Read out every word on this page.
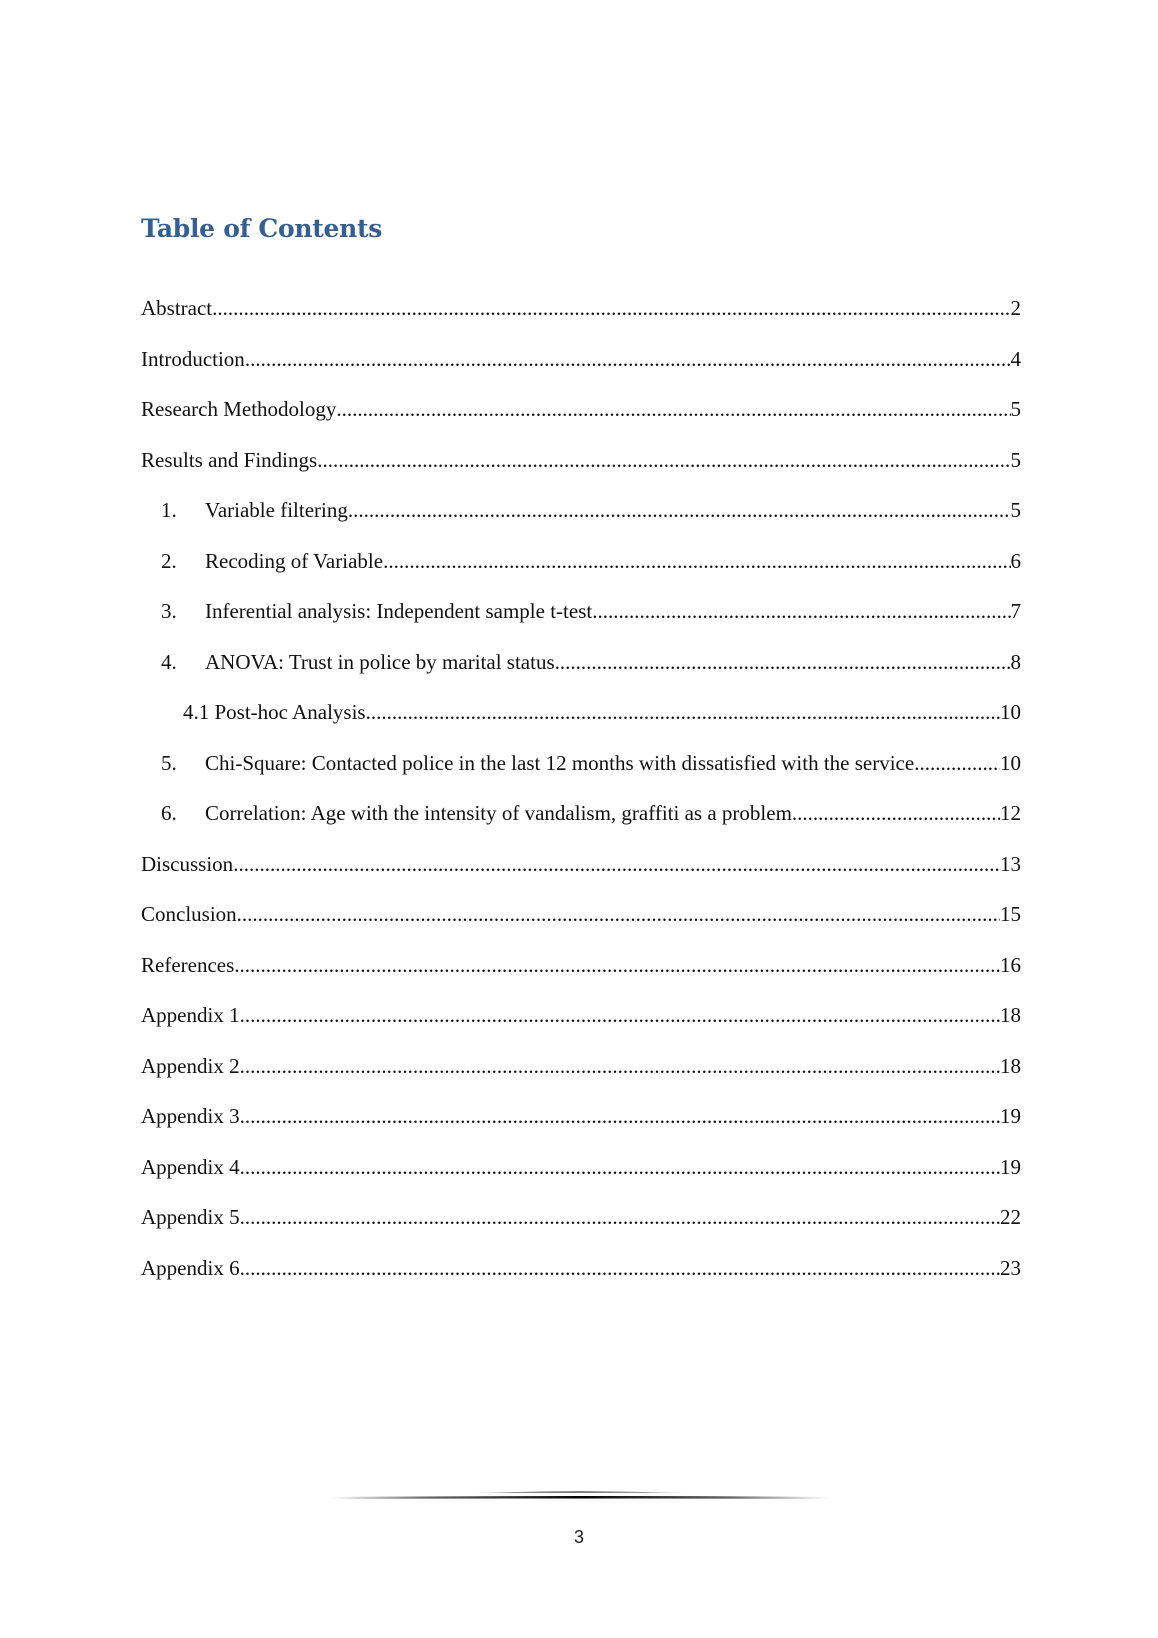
Table of Contents
Abstract .....	2
Introduction .....	4
Research Methodology .....	5
Results and Findings .....	5
1.	Variable filtering .....	5
2.	Recoding of Variable .....	6
3.	Inferential analysis: Independent sample t-test .....	7
4.	ANOVA: Trust in police by marital status .....	8
4.1 Post-hoc Analysis .....	10
5.	Chi-Square: Contacted police in the last 12 months with dissatisfied with the service .....	10
6.	Correlation: Age with the intensity of vandalism, graffiti as a problem .....	12
Discussion .....	13
Conclusion .....	15
References .....	16
Appendix 1 .....	18
Appendix 2 .....	18
Appendix 3 .....	19
Appendix 4 .....	19
Appendix 5 .....	22
Appendix 6 .....	23
3
